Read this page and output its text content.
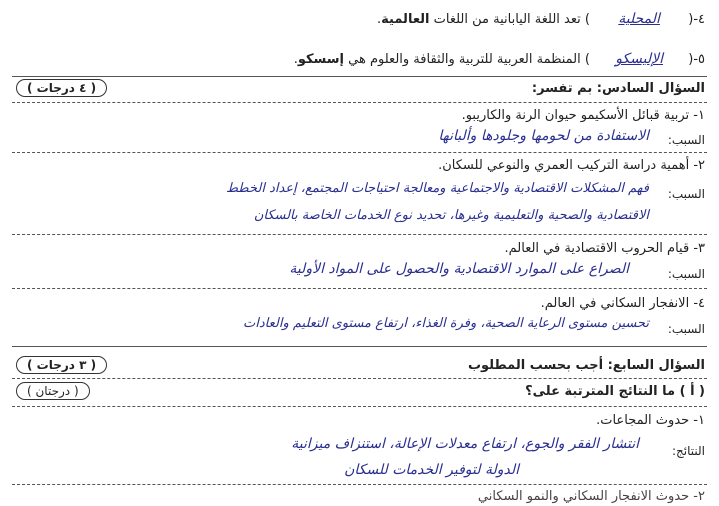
٤-( المحلية ) تعد اللغة اليابانية من اللغات العالمية.
٥-( الإليسكو ) المنظمة العربية للتربية والثقافة والعلوم هي إسسكو.
السؤال السادس: بم تفسر:
( ٤ درجات )
١- تربية قبائل الأسكيمو حيوان الرنة والكاريبو.
السبب:
الاستفادة من لحومها وجلودها وألبانها
٢- أهمية دراسة التركيب العمري والنوعي للسكان.
السبب:
فهم المشكلات الاقتصادية والاجتماعية ومعالجة احتياجات المجتمع، إعداد الخطط
الاقتصادية والصحية والتعليمية وغيرها، تحديد نوع الخدمات الخاصة بالسكان
٣- قيام الحروب الاقتصادية في العالم.
السبب:
الصراع على الموارد الاقتصادية والحصول على المواد الأولية
٤- الانفجار السكاني في العالم.
السبب:
تحسين مستوى الرعاية الصحية، وفرة الغذاء، ارتفاع مستوى التعليم والعادات
السؤال السابع: أجب بحسب المطلوب
( ٣ درجات )
( أ ) ما النتائج المترتبة على؟
( درجتان )
١- حدوث المجاعات.
النتائج:
انتشار الفقر والجوع، ارتفاع معدلات الإعالة، استنزاف ميزانية
الدولة لتوفير الخدمات للسكان
٢- حدوث الانفجار السكاني والنمو السكاني
